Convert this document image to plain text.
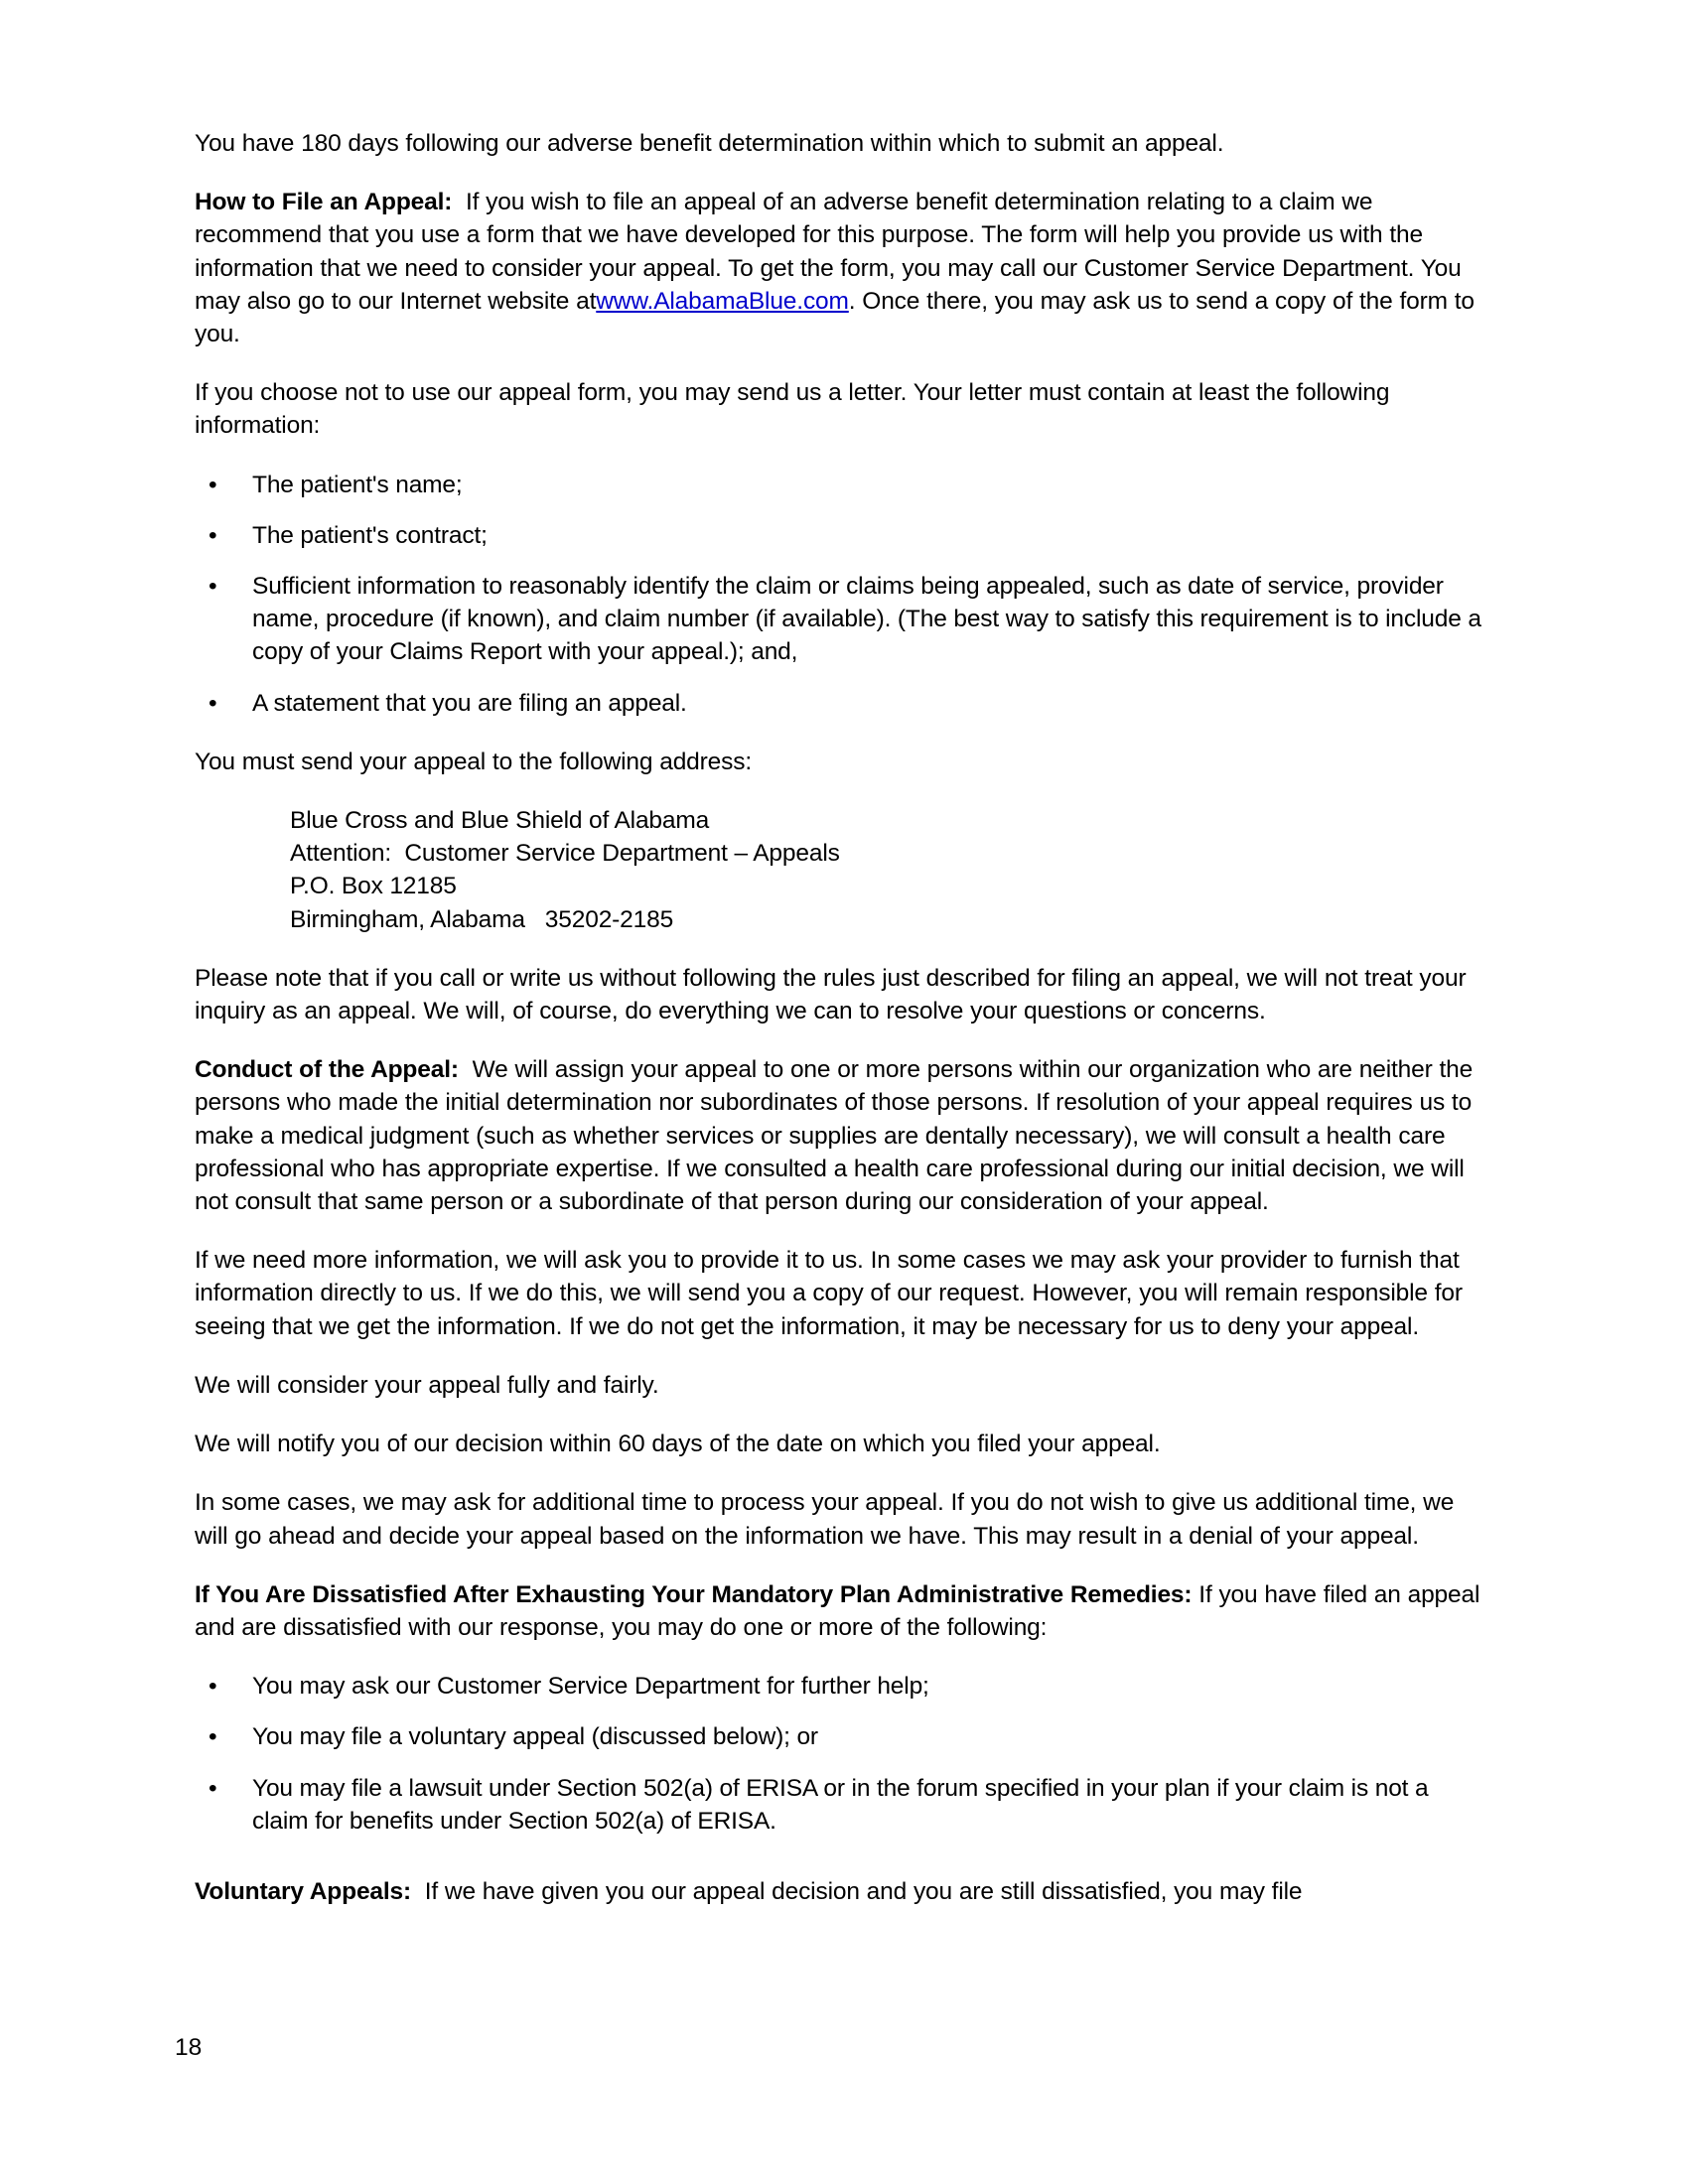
You have 180 days following our adverse benefit determination within which to submit an appeal.

How to File an Appeal: If you wish to file an appeal of an adverse benefit determination relating to a claim we recommend that you use a form that we have developed for this purpose. The form will help you provide us with the information that we need to consider your appeal. To get the form, you may call our Customer Service Department. You may also go to our Internet website atwww.AlabamaBlue.com. Once there, you may ask us to send a copy of the form to you.

If you choose not to use our appeal form, you may send us a letter. Your letter must contain at least the following information:

• The patient's name;
• The patient's contract;
• Sufficient information to reasonably identify the claim or claims being appealed, such as date of service, provider name, procedure (if known), and claim number (if available). (The best way to satisfy this requirement is to include a copy of your Claims Report with your appeal.); and,
• A statement that you are filing an appeal.

You must send your appeal to the following address:

Blue Cross and Blue Shield of Alabama
Attention:  Customer Service Department – Appeals
P.O. Box 12185
Birmingham, Alabama   35202-2185

Please note that if you call or write us without following the rules just described for filing an appeal, we will not treat your inquiry as an appeal. We will, of course, do everything we can to resolve your questions or concerns.

Conduct of the Appeal: We will assign your appeal to one or more persons within our organization who are neither the persons who made the initial determination nor subordinates of those persons. If resolution of your appeal requires us to make a medical judgment (such as whether services or supplies are dentally necessary), we will consult a health care professional who has appropriate expertise. If we consulted a health care professional during our initial decision, we will not consult that same person or a subordinate of that person during our consideration of your appeal.

If we need more information, we will ask you to provide it to us. In some cases we may ask your provider to furnish that information directly to us. If we do this, we will send you a copy of our request. However, you will remain responsible for seeing that we get the information. If we do not get the information, it may be necessary for us to deny your appeal.

We will consider your appeal fully and fairly.

We will notify you of our decision within 60 days of the date on which you filed your appeal.

In some cases, we may ask for additional time to process your appeal. If you do not wish to give us additional time, we will go ahead and decide your appeal based on the information we have. This may result in a denial of your appeal.

If You Are Dissatisfied After Exhausting Your Mandatory Plan Administrative Remedies: If you have filed an appeal and are dissatisfied with our response, you may do one or more of the following:

• You may ask our Customer Service Department for further help;
• You may file a voluntary appeal (discussed below); or
• You may file a lawsuit under Section 502(a) of ERISA or in the forum specified in your plan if your claim is not a claim for benefits under Section 502(a) of ERISA.

Voluntary Appeals: If we have given you our appeal decision and you are still dissatisfied, you may file

18
